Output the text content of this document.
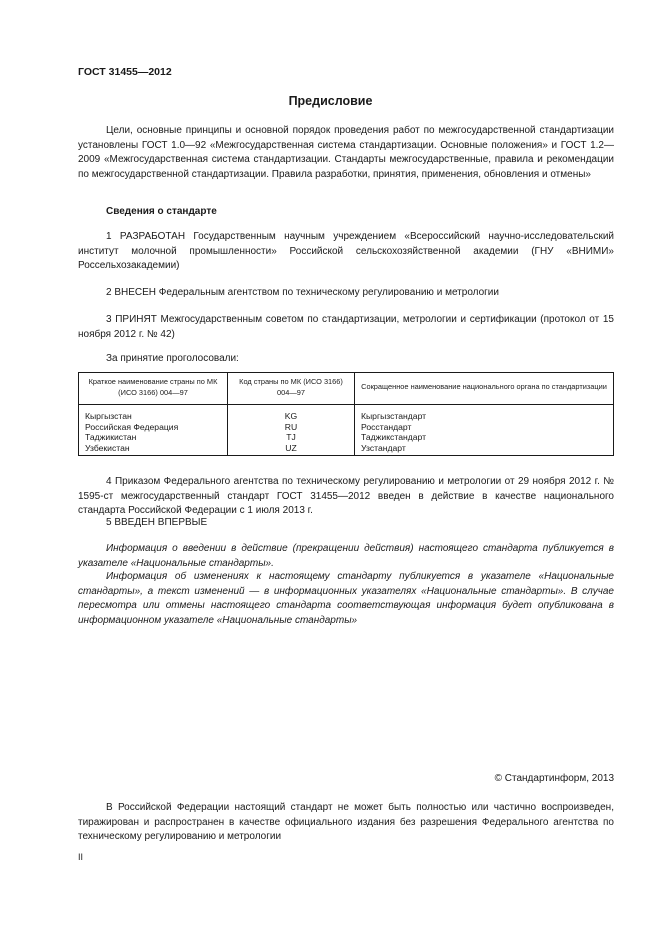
ГОСТ 31455—2012
Предисловие
Цели, основные принципы и основной порядок проведения работ по межгосударственной стандартизации установлены ГОСТ 1.0—92 «Межгосударственная система стандартизации. Основные положения» и ГОСТ 1.2—2009 «Межгосударственная система стандартизации. Стандарты межгосударственные, правила и рекомендации по межгосударственной стандартизации. Правила разработки, принятия, применения, обновления и отмены»
Сведения о стандарте
1 РАЗРАБОТАН Государственным научным учреждением «Всероссийский научно-исследовательский институт молочной промышленности» Российской сельскохозяйственной академии (ГНУ «ВНИМИ» Россельхозакадемии)
2 ВНЕСЕН Федеральным агентством по техническому регулированию и метрологии
3 ПРИНЯТ Межгосударственным советом по стандартизации, метрологии и сертификации (протокол от 15 ноября 2012 г. № 42)
За принятие проголосовали:
Краткое наименование страны по МК (ИСО 3166) 004—97	Код страны по МК (ИСО 3166) 004—97	Сокращенное наименование национального органа по стандартизации
Кыргызстан	KG	Кыргызстандарт
Российская Федерация	RU	Росстандарт
Таджикистан	TJ	Таджикстандарт
Узбекистан	UZ	Узстандарт
4 Приказом Федерального агентства по техническому регулированию и метрологии от 29 ноября 2012 г. № 1595-ст межгосударственный стандарт ГОСТ 31455—2012 введен в действие в качестве национального стандарта Российской Федерации с 1 июля 2013 г.
5 ВВЕДЕН ВПЕРВЫЕ
Информация о введении в действие (прекращении действия) настоящего стандарта публикуется в указателе «Национальные стандарты».
Информация об изменениях к настоящему стандарту публикуется в указателе «Национальные стандарты», а текст изменений — в информационных указателях «Национальные стандарты». В случае пересмотра или отмены настоящего стандарта соответствующая информация будет опубликована в информационном указателе «Национальные стандарты»
© Стандартинформ, 2013
В Российской Федерации настоящий стандарт не может быть полностью или частично воспроизведен, тиражирован и распространен в качестве официального издания без разрешения Федерального агентства по техническому регулированию и метрологии
II
